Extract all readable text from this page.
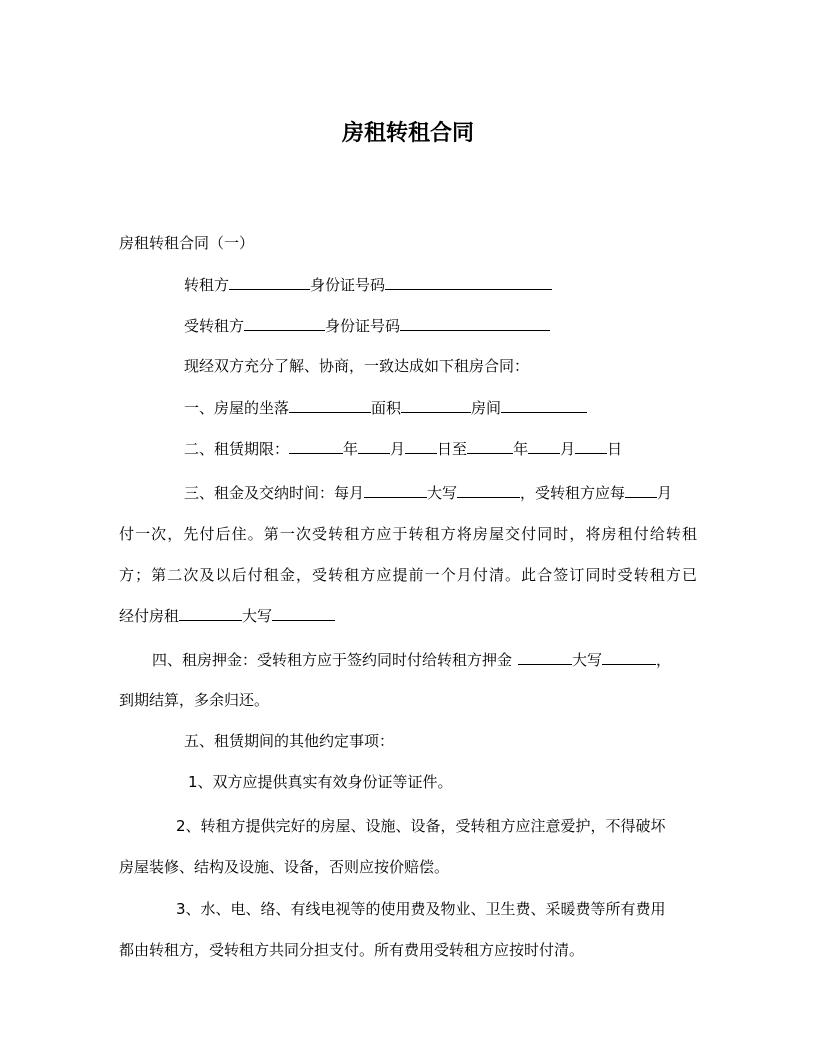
房租转租合同
房租转租合同（一）
转租方	身份证号码
受转租方	身份证号码
现经双方充分了解、协商，一致达成如下租房合同：
一、房屋的坐落	面积	房间
二、租赁期限：	年 月 日至	年 月 日
三、租金及交纳时间：每月	大写	，受转租方应每 月
付一次，先付后住。第一次受转租方应于转租方将房屋交付同时，将房租付给转租
方；第二次及以后付租金，受转租方应提前一个月付清。此合签订同时受转租方已
经付房租	大写
四、租房押金：受转租方应于签约同时付给转租方押金	大写	，
到期结算，多余归还。
五、租赁期间的其他约定事项：
1、双方应提供真实有效身份证等证件。
2、转租方提供完好的房屋、设施、设备，受转租方应注意爱护，不得破坏
房屋装修、结构及设施、设备，否则应按价赔偿。
3、水、电、络、有线电视等的使用费及物业、卫生费、采暖费等所有费用
都由转租方，受转租方共同分担支付。所有费用受转租方应按时付清。
